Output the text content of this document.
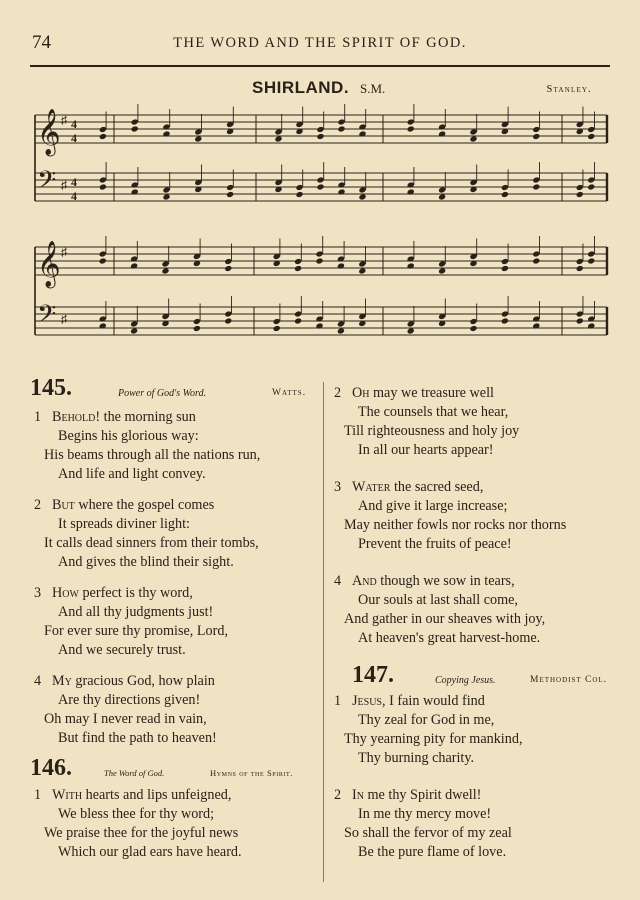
74	THE WORD AND THE SPIRIT OF GOD.
SHIRLAND. S.M.	Stanley.
𝄞 ♯ 4
4
𝄢 ♯ 4
4
𝄞 ♯
𝄢 ♯
145.	Power of God's Word.	Watts.
146.	The Word of God.	Hymns of the Spirit.
147.	Copying Jesus.	Methodist Col.
1 Behold! the morning sun
Begins his glorious way:
His beams through all the nations run,
And life and light convey.
2 But where the gospel comes
It spreads diviner light:
It calls dead sinners from their tombs,
And gives the blind their sight.
3 How perfect is thy word,
And all thy judgments just!
For ever sure thy promise, Lord,
And we securely trust.
4 My gracious God, how plain
Are thy directions given!
Oh may I never read in vain,
But find the path to heaven!
1 With hearts and lips unfeigned,
We bless thee for thy word;
We praise thee for the joyful news
Which our glad ears have heard.
2 Oh may we treasure well
The counsels that we hear,
Till righteousness and holy joy
In all our hearts appear!
3 Water the sacred seed,
And give it large increase;
May neither fowls nor rocks nor thorns
Prevent the fruits of peace!
4 And though we sow in tears,
Our souls at last shall come,
And gather in our sheaves with joy,
At heaven's great harvest-home.
1 Jesus, I fain would find
Thy zeal for God in me,
Thy yearning pity for mankind,
Thy burning charity.
2 In me thy Spirit dwell!
In me thy mercy move!
So shall the fervor of my zeal
Be the pure flame of love.
